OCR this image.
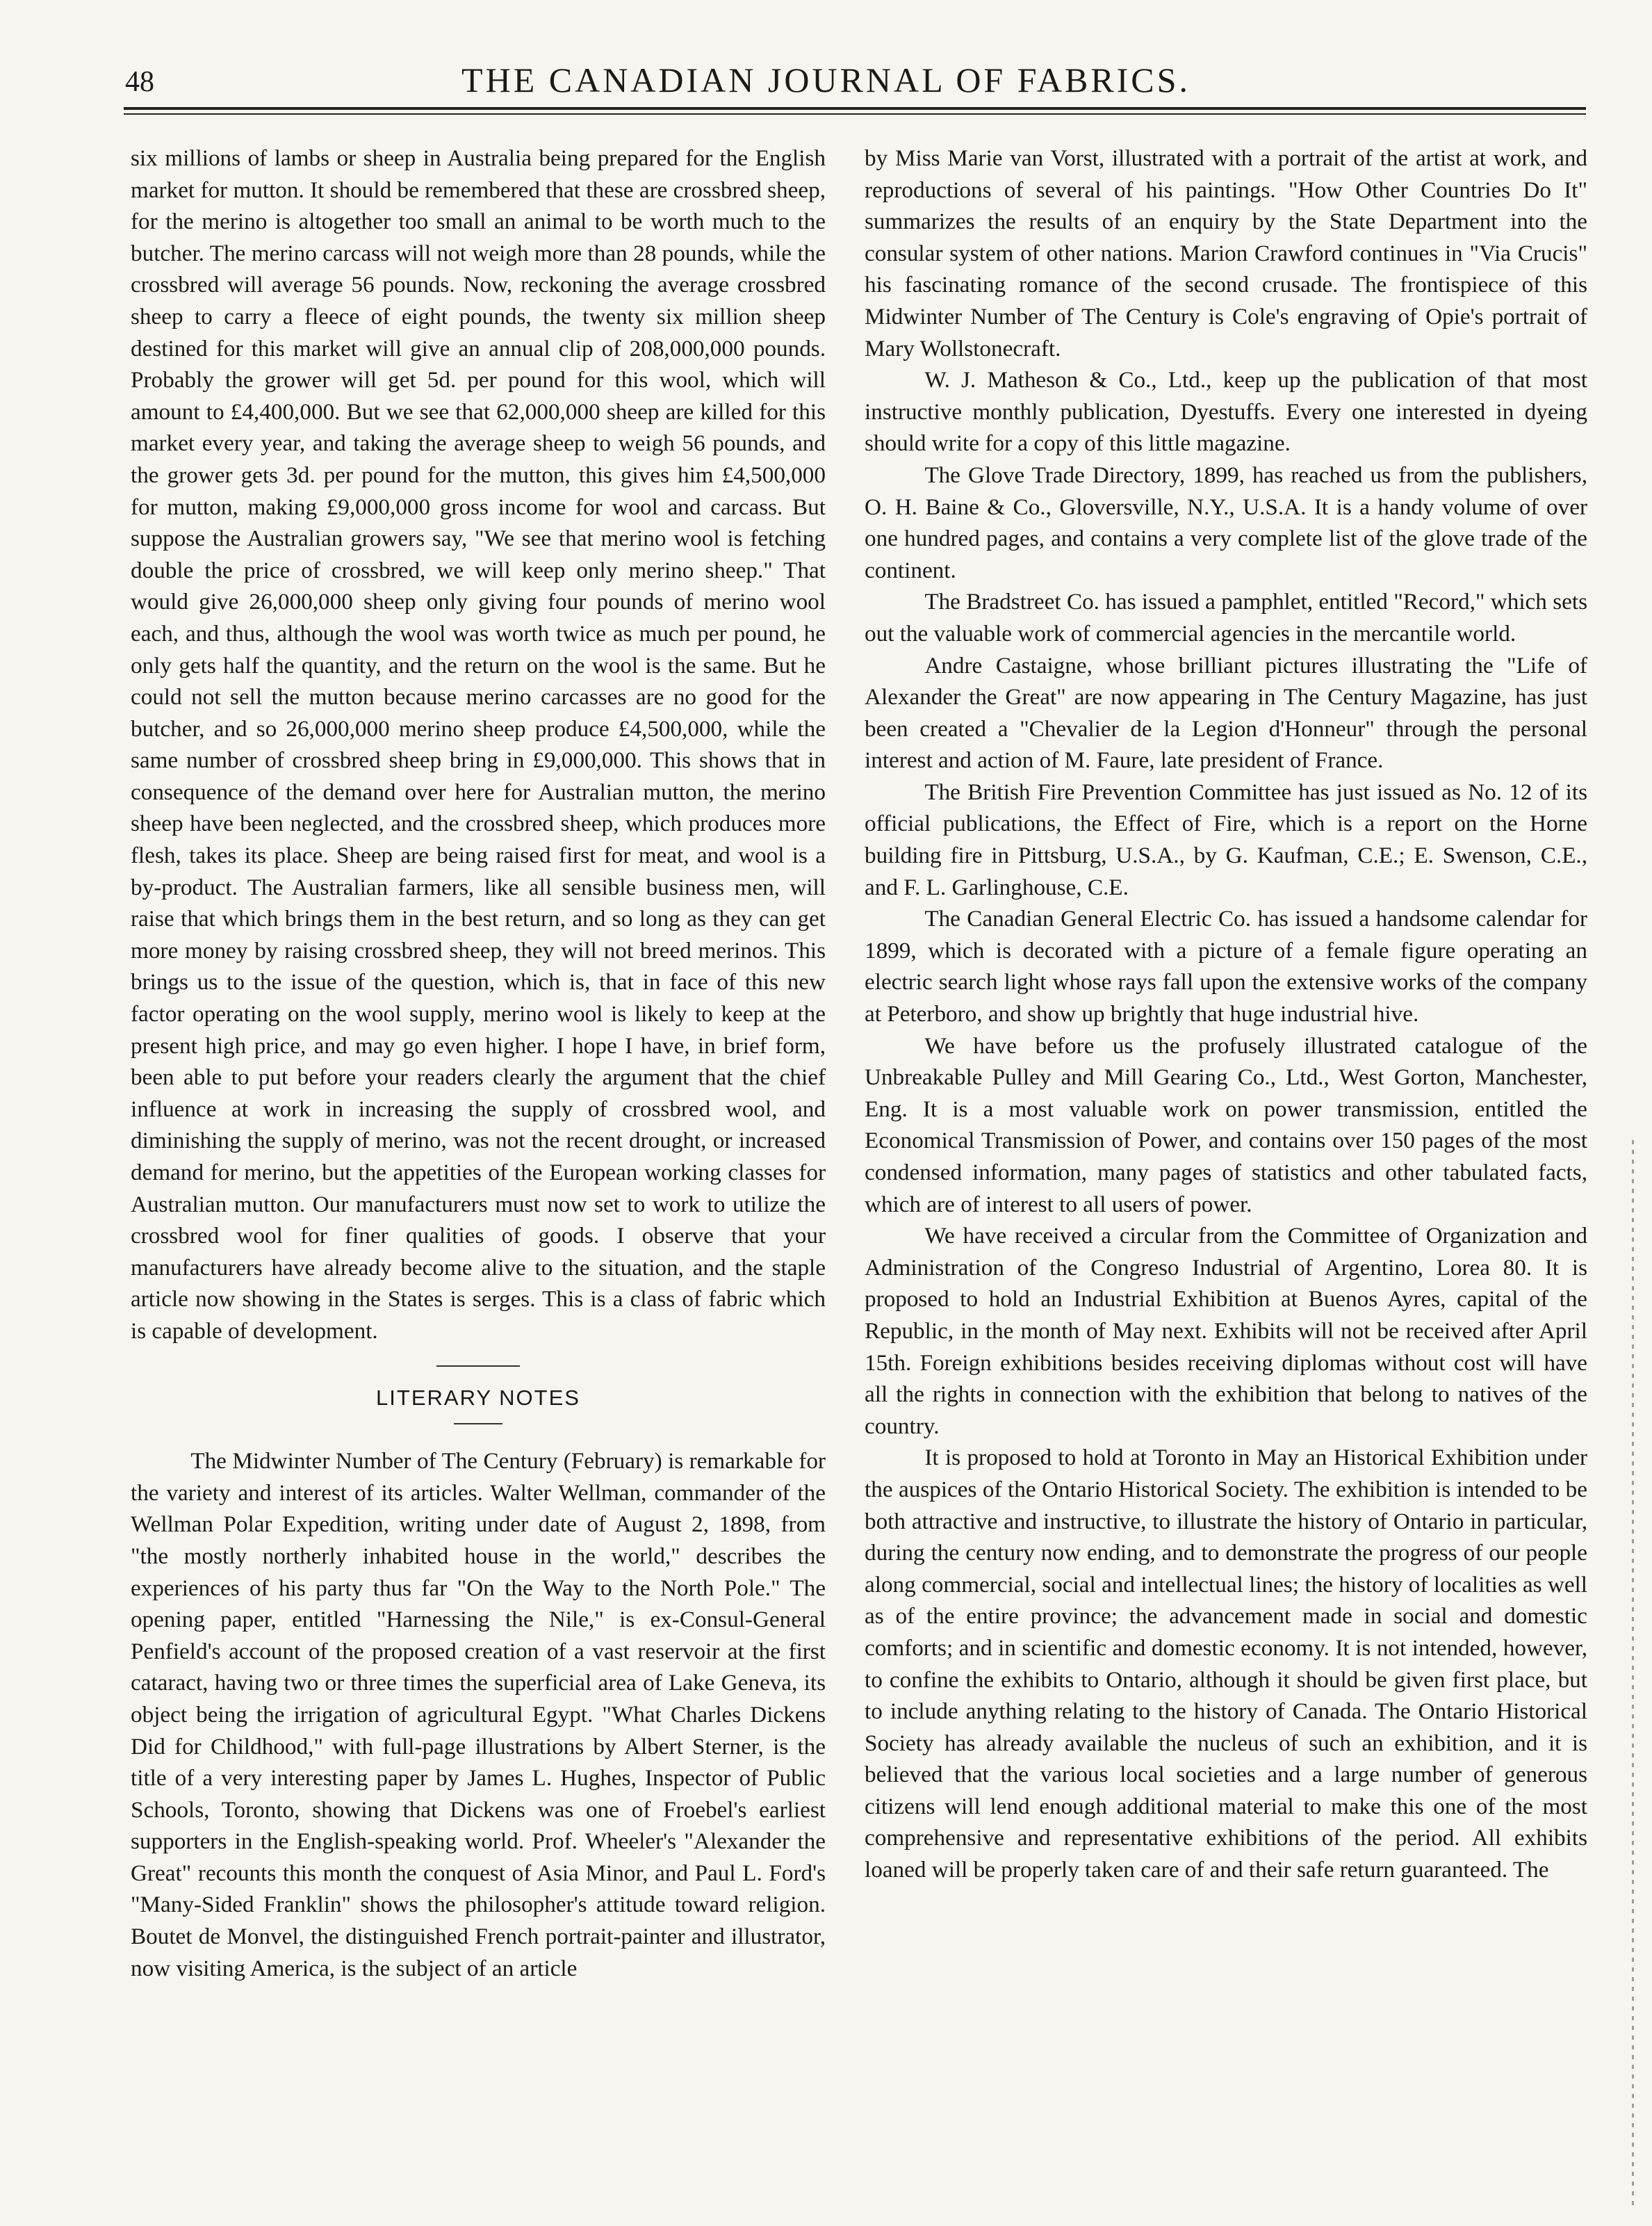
48	THE CANADIAN JOURNAL OF FABRICS.

six millions of lambs or sheep in Australia being prepared for the English market for mutton. It should be remembered that these are crossbred sheep, for the merino is altogether too small an animal to be worth much to the butcher. The merino carcass will not weigh more than 28 pounds, while the crossbred will average 56 pounds. Now, reckoning the average crossbred sheep to carry a fleece of eight pounds, the twenty six million sheep destined for this market will give an annual clip of 208,000,000 pounds. Probably the grower will get 5d. per pound for this wool, which will amount to £4,400,000. But we see that 62,000,000 sheep are killed for this market every year, and taking the average sheep to weigh 56 pounds, and the grower gets 3d. per pound for the mutton, this gives him £4,500,000 for mutton, making £9,000,000 gross income for wool and carcass. But suppose the Australian growers say, "We see that merino wool is fetching double the price of crossbred, we will keep only merino sheep." That would give 26,000,000 sheep only giving four pounds of merino wool each, and thus, although the wool was worth twice as much per pound, he only gets half the quantity, and the return on the wool is the same. But he could not sell the mutton because merino carcasses are no good for the butcher, and so 26,000,000 merino sheep produce £4,500,000, while the same number of crossbred sheep bring in £9,000,000. This shows that in consequence of the demand over here for Australian mutton, the merino sheep have been neglected, and the crossbred sheep, which produces more flesh, takes its place. Sheep are being raised first for meat, and wool is a by-product. The Australian farmers, like all sensible business men, will raise that which brings them in the best return, and so long as they can get more money by raising crossbred sheep, they will not breed merinos. This brings us to the issue of the question, which is, that in face of this new factor operating on the wool supply, merino wool is likely to keep at the present high price, and may go even higher. I hope I have, in brief form, been able to put before your readers clearly the argument that the chief influence at work in increasing the supply of crossbred wool, and diminishing the supply of merino, was not the recent drought, or increased demand for merino, but the appetities of the European working classes for Australian mutton. Our manufacturers must now set to work to utilize the crossbred wool for finer qualities of goods. I observe that your manufacturers have already become alive to the situation, and the staple article now showing in the States is serges. This is a class of fabric which is capable of development.

LITERARY NOTES

The Midwinter Number of The Century (February) is remarkable for the variety and interest of its articles. Walter Wellman, commander of the Wellman Polar Expedition, writing under date of August 2, 1898, from "the mostly northerly inhabited house in the world," describes the experiences of his party thus far "On the Way to the North Pole." The opening paper, entitled "Harnessing the Nile," is ex-Consul-General Penfield's account of the proposed creation of a vast reservoir at the first cataract, having two or three times the superficial area of Lake Geneva, its object being the irrigation of agricultural Egypt. "What Charles Dickens Did for Childhood," with full-page illustrations by Albert Sterner, is the title of a very interesting paper by James L. Hughes, Inspector of Public Schools, Toronto, showing that Dickens was one of Froebel's earliest supporters in the English-speaking world. Prof. Wheeler's "Alexander the Great" recounts this month the conquest of Asia Minor, and Paul L. Ford's "Many-Sided Franklin" shows the philosopher's attitude toward religion. Boutet de Monvel, the distinguished French portrait-painter and illustrator, now visiting America, is the subject of an article

by Miss Marie van Vorst, illustrated with a portrait of the artist at work, and reproductions of several of his paintings. "How Other Countries Do It" summarizes the results of an enquiry by the State Department into the consular system of other nations. Marion Crawford continues in "Via Crucis" his fascinating romance of the second crusade. The frontispiece of this Midwinter Number of The Century is Cole's engraving of Opie's portrait of Mary Wollstonecraft.

W. J. Matheson & Co., Ltd., keep up the publication of that most instructive monthly publication, Dyestuffs. Every one interested in dyeing should write for a copy of this little magazine.

The Glove Trade Directory, 1899, has reached us from the publishers, O. H. Baine & Co., Gloversville, N.Y., U.S.A. It is a handy volume of over one hundred pages, and contains a very complete list of the glove trade of the continent.

The Bradstreet Co. has issued a pamphlet, entitled "Record," which sets out the valuable work of commercial agencies in the mercantile world.

Andre Castaigne, whose brilliant pictures illustrating the "Life of Alexander the Great" are now appearing in The Century Magazine, has just been created a "Chevalier de la Legion d'Honneur" through the personal interest and action of M. Faure, late president of France.

The British Fire Prevention Committee has just issued as No. 12 of its official publications, the Effect of Fire, which is a report on the Horne building fire in Pittsburg, U.S.A., by G. Kaufman, C.E.; E. Swenson, C.E., and F. L. Garlinghouse, C.E.

The Canadian General Electric Co. has issued a handsome calendar for 1899, which is decorated with a picture of a female figure operating an electric search light whose rays fall upon the extensive works of the company at Peterboro, and show up brightly that huge industrial hive.

We have before us the profusely illustrated catalogue of the Unbreakable Pulley and Mill Gearing Co., Ltd., West Gorton, Manchester, Eng. It is a most valuable work on power transmission, entitled the Economical Transmission of Power, and contains over 150 pages of the most condensed information, many pages of statistics and other tabulated facts, which are of interest to all users of power.

We have received a circular from the Committee of Organization and Administration of the Congreso Industrial of Argentino, Lorea 80. It is proposed to hold an Industrial Exhibition at Buenos Ayres, capital of the Republic, in the month of May next. Exhibits will not be received after April 15th. Foreign exhibitions besides receiving diplomas without cost will have all the rights in connection with the exhibition that belong to natives of the country.

It is proposed to hold at Toronto in May an Historical Exhibition under the auspices of the Ontario Historical Society. The exhibition is intended to be both attractive and instructive, to illustrate the history of Ontario in particular, during the century now ending, and to demonstrate the progress of our people along commercial, social and intellectual lines; the history of localities as well as of the entire province; the advancement made in social and domestic comforts; and in scientific and domestic economy. It is not intended, however, to confine the exhibits to Ontario, although it should be given first place, but to include anything relating to the history of Canada. The Ontario Historical Society has already available the nucleus of such an exhibition, and it is believed that the various local societies and a large number of generous citizens will lend enough additional material to make this one of the most comprehensive and representative exhibitions of the period. All exhibits loaned will be properly taken care of and their safe return guaranteed. The
